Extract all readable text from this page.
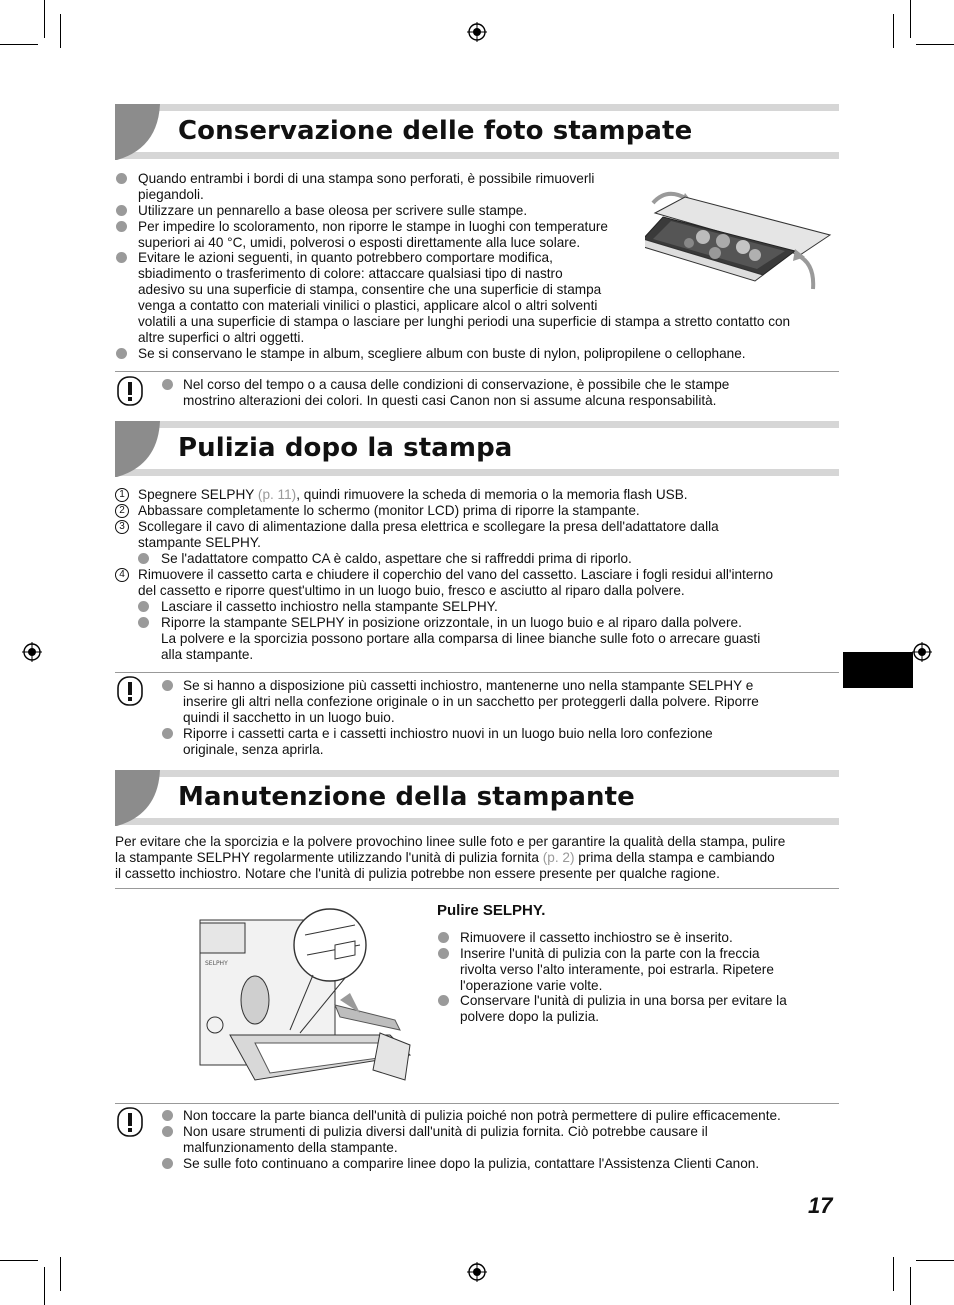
Conservazione delle foto stampate
Quando entrambi i bordi di una stampa sono perforati, è possibile rimuoverli
piegandoli.
Utilizzare un pennarello a base oleosa per scrivere sulle stampe.
Per impedire lo scoloramento, non riporre le stampe in luoghi con temperature
superiori ai 40 °C, umidi, polverosi o esposti direttamente alla luce solare.
Evitare le azioni seguenti, in quanto potrebbero comportare modifica,
sbiadimento o trasferimento di colore: attaccare qualsiasi tipo di nastro
adesivo su una superficie di stampa, consentire che una superficie di stampa
venga a contatto con materiali vinilici o plastici, applicare alcol o altri solventi
volatili a una superficie di stampa o lasciare per lunghi periodi una superficie di stampa a stretto contatto con
altre superfici o altri oggetti.
Se si conservano le stampe in album, scegliere album con buste di nylon, polipropilene o cellophane.
Nel corso del tempo o a causa delle condizioni di conservazione, è possibile che le stampe
mostrino alterazioni dei colori. In questi casi Canon non si assume alcuna responsabilità.
Pulizia dopo la stampa
1 Spegnere SELPHY (p. 11), quindi rimuovere la scheda di memoria o la memoria flash USB.
2 Abbassare completamente lo schermo (monitor LCD) prima di riporre la stampante.
3 Scollegare il cavo di alimentazione dalla presa elettrica e scollegare la presa dell'adattatore dalla
stampante SELPHY.
Se l'adattatore compatto CA è caldo, aspettare che si raffreddi prima di riporlo.
4 Rimuovere il cassetto carta e chiudere il coperchio del vano del cassetto. Lasciare i fogli residui all'interno
del cassetto e riporre quest'ultimo in un luogo buio, fresco e asciutto al riparo dalla polvere.
Lasciare il cassetto inchiostro nella stampante SELPHY.
Riporre la stampante SELPHY in posizione orizzontale, in un luogo buio e al riparo dalla polvere.
La polvere e la sporcizia possono portare alla comparsa di linee bianche sulle foto o arrecare guasti
alla stampante.
Se si hanno a disposizione più cassetti inchiostro, mantenerne uno nella stampante SELPHY e
inserire gli altri nella confezione originale o in un sacchetto per proteggerli dalla polvere. Riporre
quindi il sacchetto in un luogo buio.
Riporre i cassetti carta e i cassetti inchiostro nuovi in un luogo buio nella loro confezione
originale, senza aprirla.
Manutenzione della stampante
Per evitare che la sporcizia e la polvere provochino linee sulle foto e per garantire la qualità della stampa, pulire
la stampante SELPHY regolarmente utilizzando l'unità di pulizia fornita (p. 2) prima della stampa e cambiando
il cassetto inchiostro. Notare che l'unità di pulizia potrebbe non essere presente per qualche ragione.
SELPHY
Pulire SELPHY.
Rimuovere il cassetto inchiostro se è inserito.
Inserire l'unità di pulizia con la parte con la freccia
rivolta verso l'alto interamente, poi estrarla. Ripetere
l'operazione varie volte.
Conservare l'unità di pulizia in una borsa per evitare la
polvere dopo la pulizia.
Non toccare la parte bianca dell'unità di pulizia poiché non potrà permettere di pulire efficacemente.
Non usare strumenti di pulizia diversi dall'unità di pulizia fornita. Ciò potrebbe causare il
malfunzionamento della stampante.
Se sulle foto continuano a comparire linee dopo la pulizia, contattare l'Assistenza Clienti Canon.
17
